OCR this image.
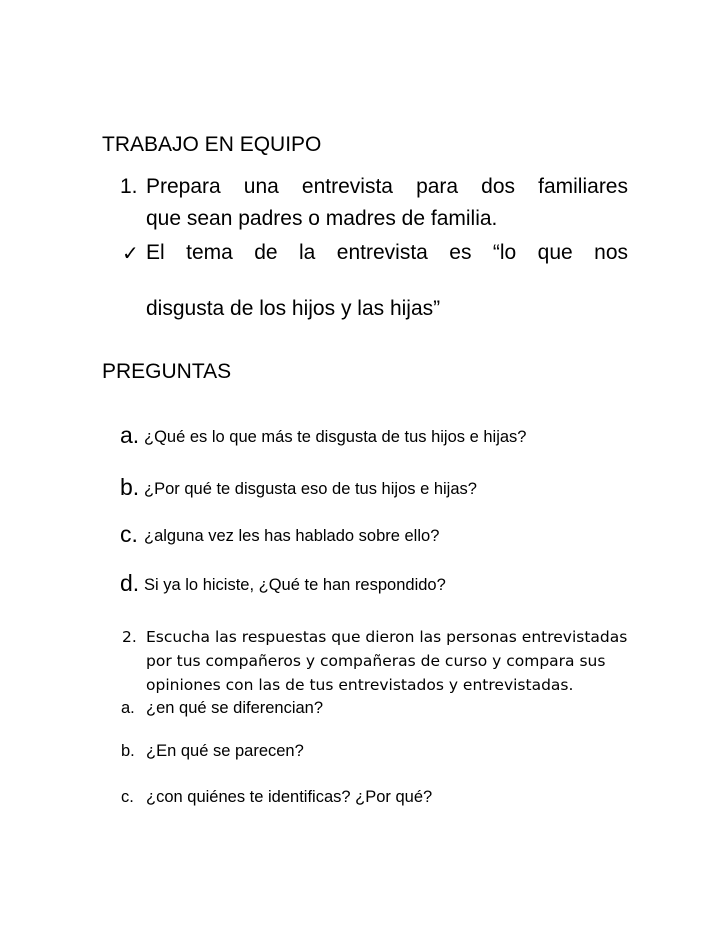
TRABAJO EN EQUIPO
1. Prepara una entrevista para dos familiares
que sean padres o madres de familia.
✓ El tema de la entrevista es “lo que nos
disgusta de los hijos y las hijas”
PREGUNTAS
a. ¿Qué es lo que más te disgusta de tus hijos e hijas?
b. ¿Por qué te disgusta eso de tus hijos e hijas?
c. ¿alguna vez les has hablado sobre ello?
d. Si ya lo hiciste, ¿Qué te han respondido?
2. Escucha las respuestas que dieron las personas entrevistadas
por tus compañeros y compañeras de curso y compara sus
opiniones con las de tus entrevistados y entrevistadas.
a. ¿en qué se diferencian?
b. ¿En qué se parecen?
c. ¿con quiénes te identificas? ¿Por qué?
